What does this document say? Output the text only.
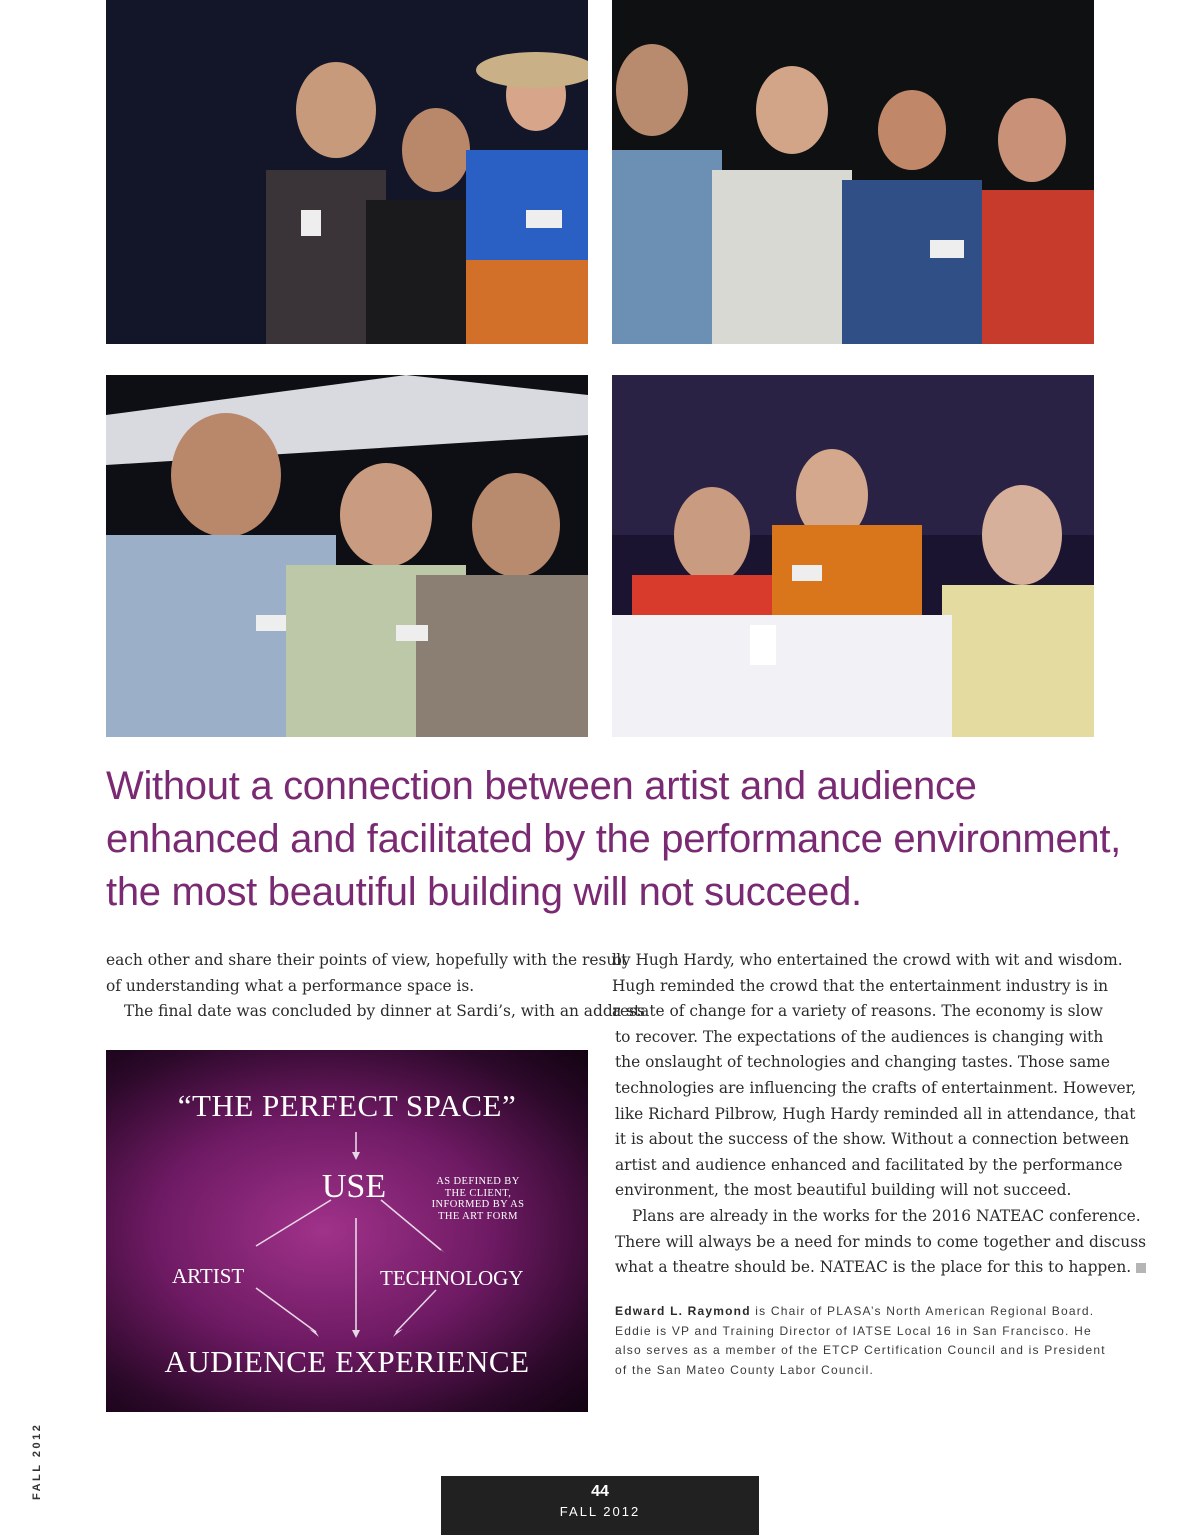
Without a connection between artist and audience
enhanced and facilitated by the performance environment,
the most beautiful building will not succeed.
each other and share their points of view, hopefully with the result
of understanding what a performance space is.
The final date was concluded by dinner at Sardi’s, with an address
“THE PERFECT SPACE”
USE	AS DEFINED BY
THE CLIENT,
INFORMED BY AS
THE ART FORM
ARTIST	TECHNOLOGY
AUDIENCE EXPERIENCE
by Hugh Hardy, who entertained the crowd with wit and wisdom.
Hugh reminded the crowd that the entertainment industry is in
a state of change for a variety of reasons. The economy is slow
to recover. The expectations of the audiences is changing with
the onslaught of technologies and changing tastes. Those same
technologies are influencing the crafts of entertainment. However,
like Richard Pilbrow, Hugh Hardy reminded all in attendance, that
it is about the success of the show. Without a connection between
artist and audience enhanced and facilitated by the performance
environment, the most beautiful building will not succeed.
Plans are already in the works for the 2016 NATEAC conference.
There will always be a need for minds to come together and discuss
what a theatre should be. NATEAC is the place for this to happen.
Edward L. Raymond is Chair of PLASA’s North American Regional Board.
Eddie is VP and Training Director of IATSE Local 16 in San Francisco. He
also serves as a member of the ETCP Certification Council and is President
of the San Mateo County Labor Council.
FALL 2012	44
FALL 2012
